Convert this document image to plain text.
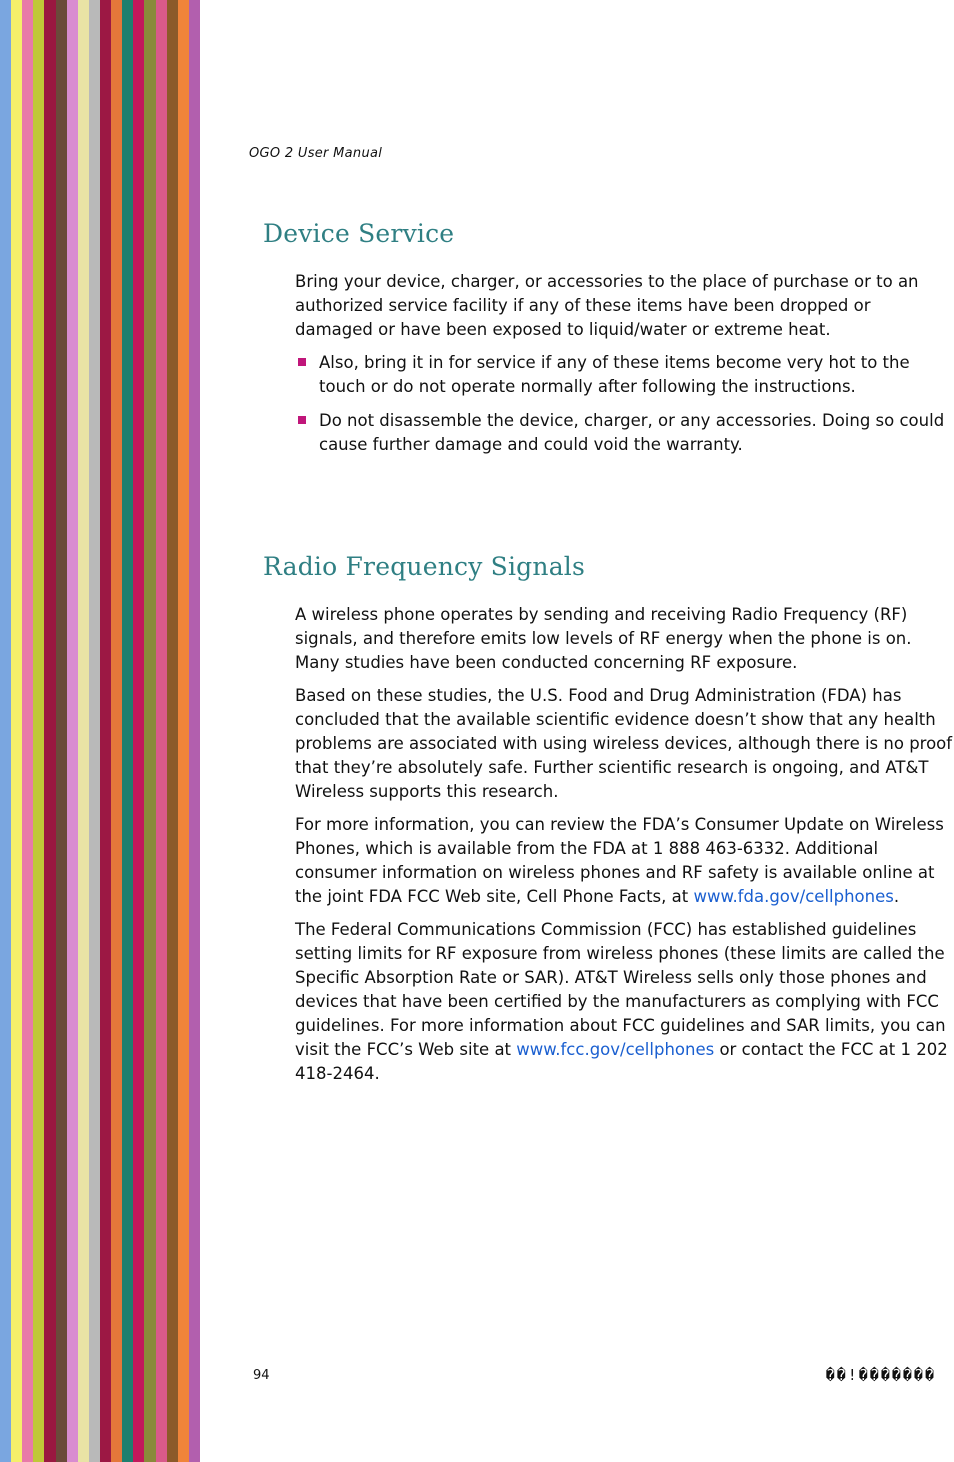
OGO 2 User Manual
Device Service

Bring your device, charger, or accessories to the place of purchase or to an authorized service facility if any of these items have been dropped or damaged or have been exposed to liquid/water or extreme heat.

Also, bring it in for service if any of these items become very hot to the touch or do not operate normally after following the instructions.
Do not disassemble the device, charger, or any accessories. Doing so could cause further damage and could void the warranty.
Radio Frequency Signals

A wireless phone operates by sending and receiving Radio Frequency (RF) signals, and therefore emits low levels of RF energy when the phone is on. Many studies have been conducted concerning RF exposure.

Based on these studies, the U.S. Food and Drug Administration (FDA) has concluded that the available scientific evidence doesn’t show that any health problems are associated with using wireless devices, although there is no proof that they’re absolutely safe. Further scientific research is ongoing, and AT&T Wireless supports this research.

For more information, you can review the FDA’s Consumer Update on Wireless Phones, which is available from the FDA at 1 888 463-6332. Additional consumer information on wireless phones and RF safety is available online at the joint FDA FCC Web site, Cell Phone Facts, at www.fda.gov/cellphones.

The Federal Communications Commission (FCC) has established guidelines setting limits for RF exposure from wireless phones (these limits are called the Specific Absorption Rate or SAR). AT&T Wireless sells only those phones and devices that have been certified by the manufacturers as complying with FCC guidelines. For more information about FCC guidelines and SAR limits, you can visit the FCC’s Web site at www.fcc.gov/cellphones or contact the FCC at 1 202 418-2464.

94	��!�������
